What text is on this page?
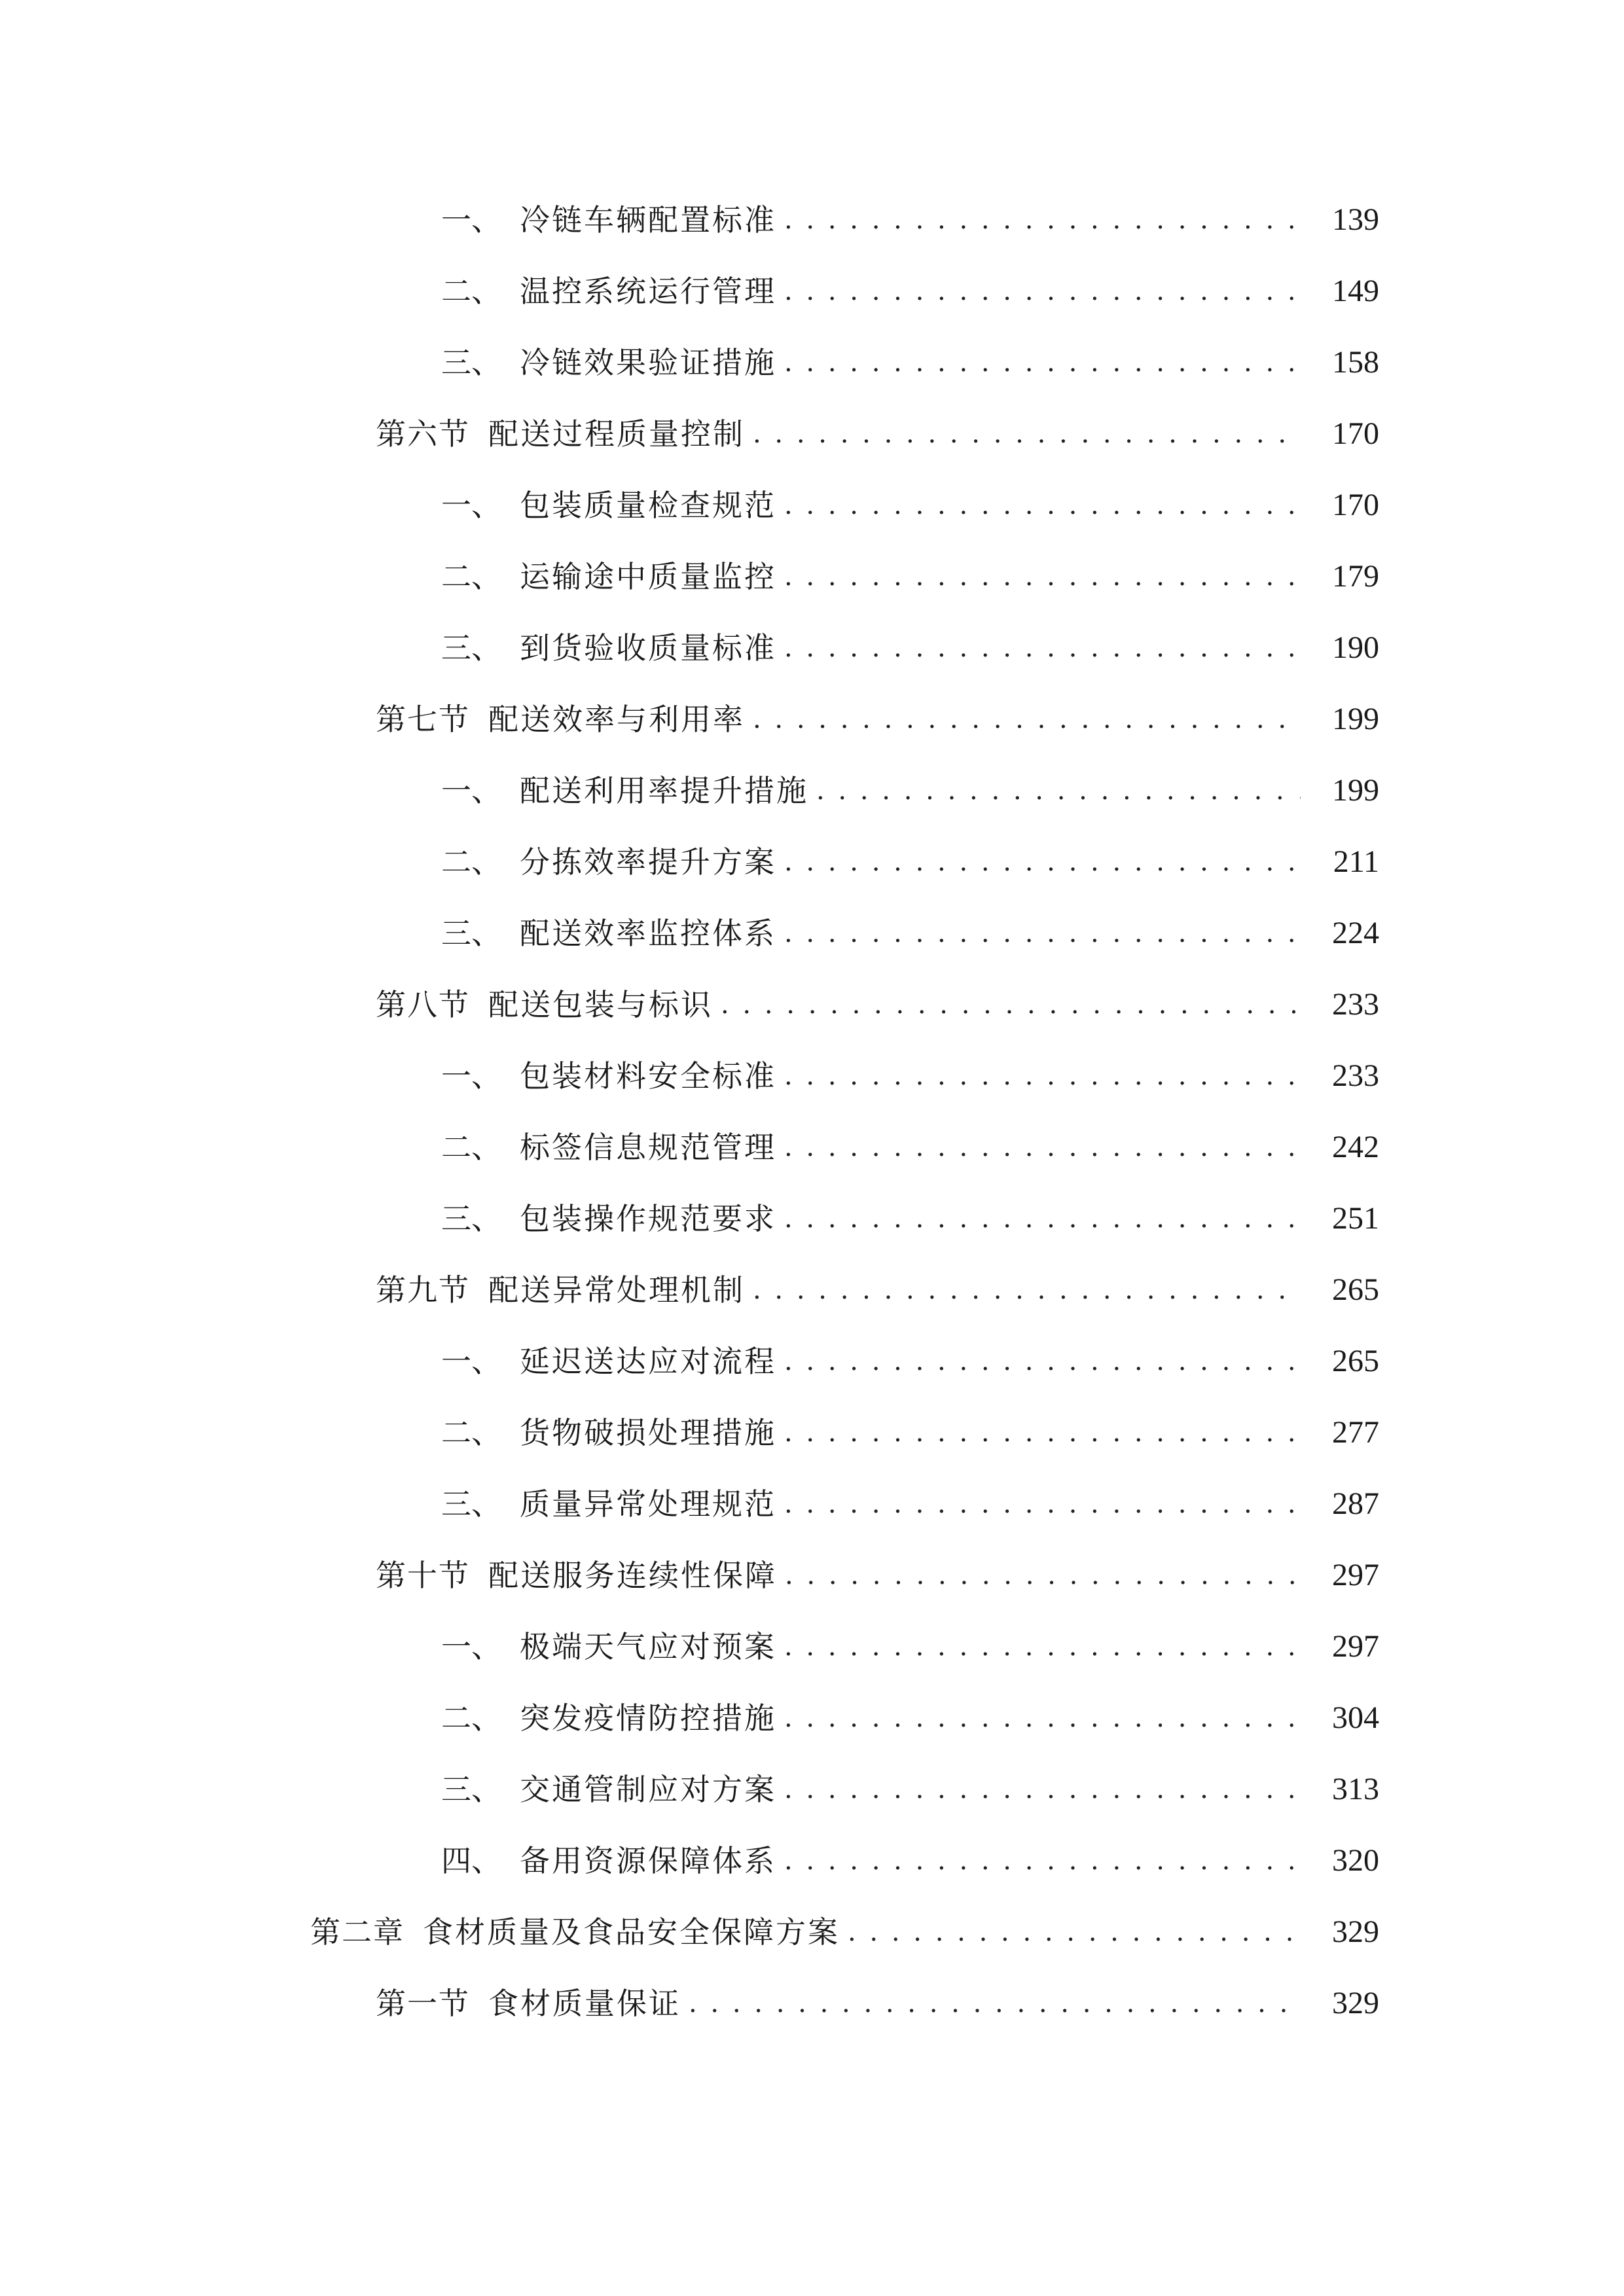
一、 冷链车辆配置标准 . . .	139
二、 温控系统运行管理 . . .	149
三、 冷链效果验证措施 . . .	158
第六节 配送过程质量控制 . . .	170
一、 包装质量检查规范 . . .	170
二、 运输途中质量监控 . . .	179
三、 到货验收质量标准 . . .	190
第七节 配送效率与利用率 . . .	199
一、 配送利用率提升措施 . . .	199
二、 分拣效率提升方案 . . .	211
三、 配送效率监控体系 . . .	224
第八节 配送包装与标识 . . .	233
一、 包装材料安全标准 . . .	233
二、 标签信息规范管理 . . .	242
三、 包装操作规范要求 . . .	251
第九节 配送异常处理机制 . . .	265
一、 延迟送达应对流程 . . .	265
二、 货物破损处理措施 . . .	277
三、 质量异常处理规范 . . .	287
第十节 配送服务连续性保障 . . .	297
一、 极端天气应对预案 . . .	297
二、 突发疫情防控措施 . . .	304
三、 交通管制应对方案 . . .	313
四、 备用资源保障体系 . . .	320
第二章 食材质量及食品安全保障方案 . . .	329
第一节 食材质量保证 . . .	329
